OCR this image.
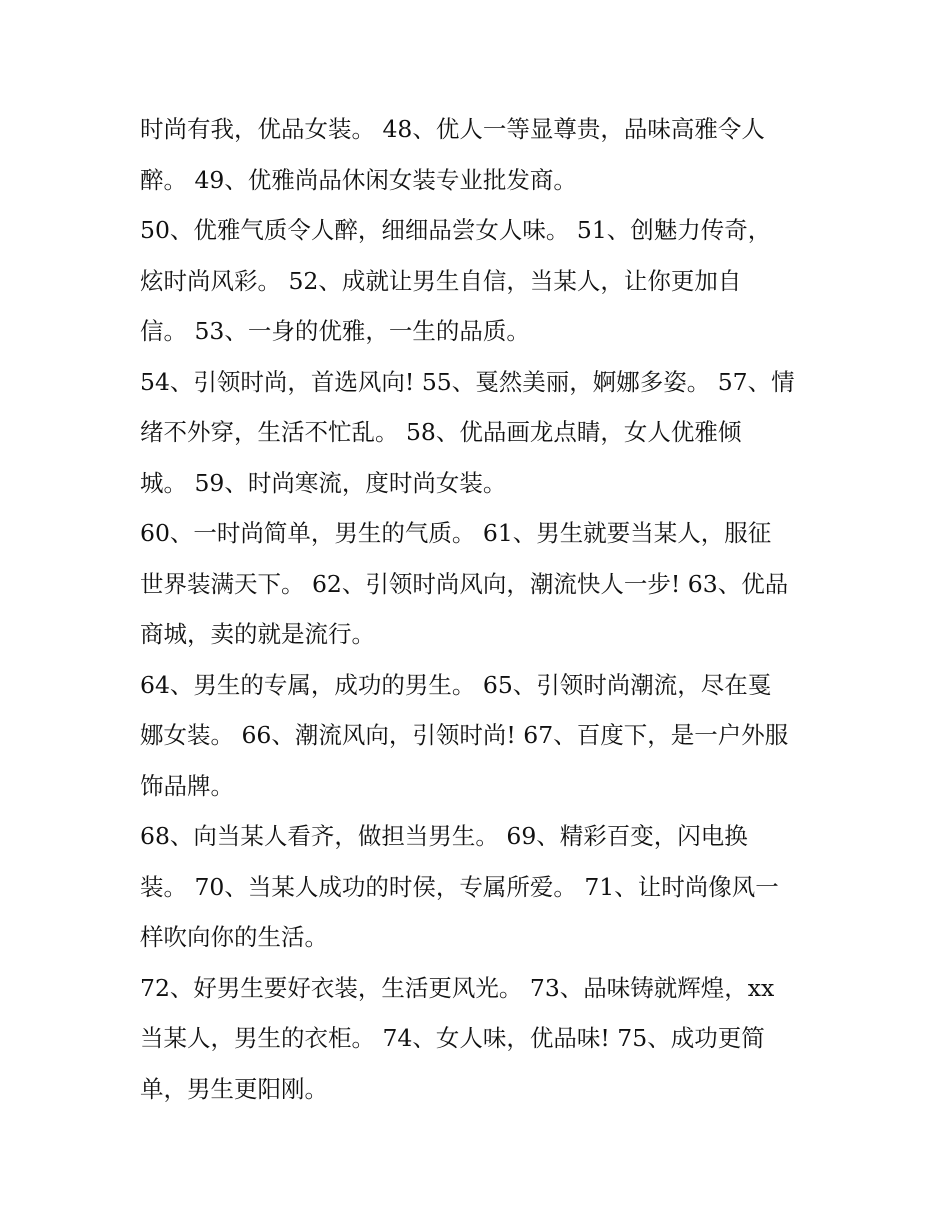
时尚有我，优品女装。 48、优人一等显尊贵，品味高雅令人
醉。 49、优雅尚品休闲女装专业批发商。

50、优雅气质令人醉，细细品尝女人味。 51、创魅力传奇，
炫时尚风彩。 52、成就让男生自信，当某人，让你更加自
信。 53、一身的优雅，一生的品质。

54、引领时尚，首选风向! 55、戛然美丽，婀娜多姿。 57、情
绪不外穿，生活不忙乱。 58、优品画龙点睛，女人优雅倾
城。 59、时尚寒流，度时尚女装。

60、一时尚简单，男生的气质。 61、男生就要当某人，服征
世界装满天下。 62、引领时尚风向，潮流快人一步! 63、优品
商城，卖的就是流行。

64、男生的专属，成功的男生。 65、引领时尚潮流，尽在戛
娜女装。 66、潮流风向，引领时尚! 67、百度下，是一户外服
饰品牌。

68、向当某人看齐，做担当男生。 69、精彩百变，闪电换
装。 70、当某人成功的时侯，专属所爱。 71、让时尚像风一
样吹向你的生活。

72、好男生要好衣装，生活更风光。 73、品味铸就辉煌，xx
当某人，男生的衣柜。 74、女人味，优品味! 75、成功更简
单，男生更阳刚。
